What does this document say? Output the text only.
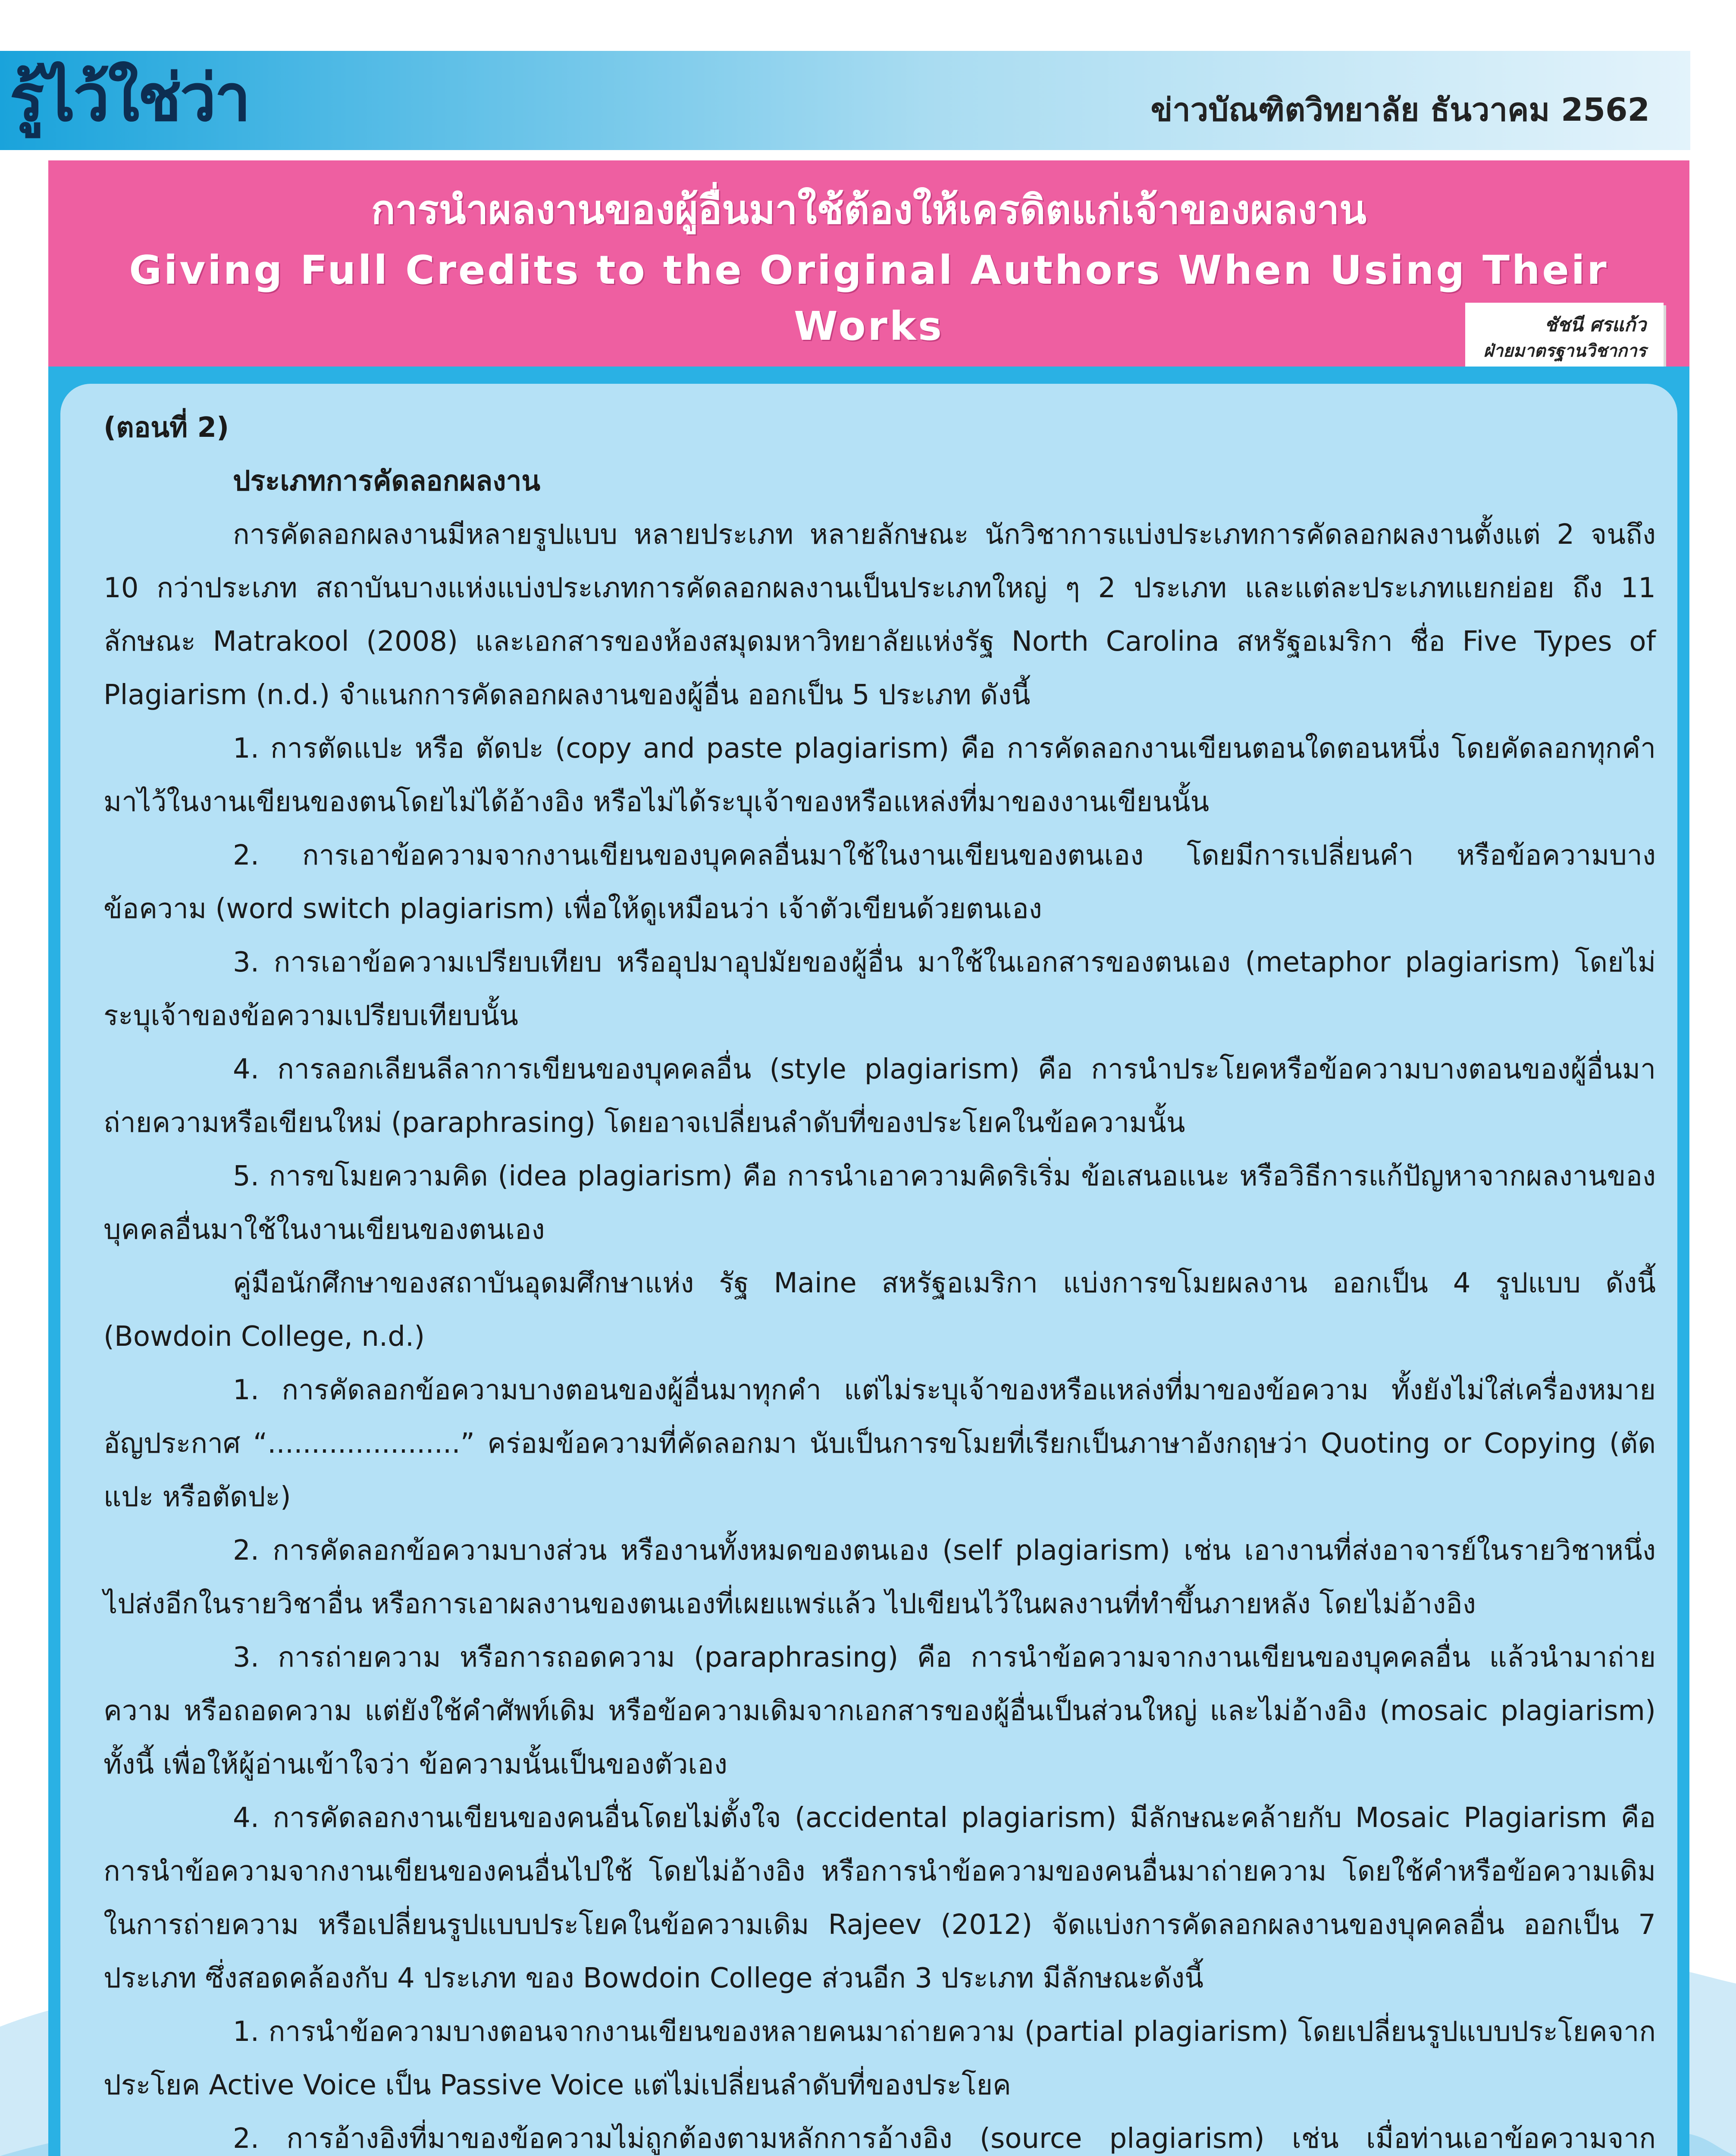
รู้ไว้ใช่ว่า	ข่าวบัณฑิตวิทยาลัย ธันวาคม 2562
การนำผลงานของผู้อื่นมาใช้ต้องให้เครดิตแก่เจ้าของผลงาน
Giving Full Credits to the Original Authors When Using Their Works	ชัชนี ศรแก้ว
ฝ่ายมาตรฐานวิชาการ

(ตอนที่ 2)

ประเภทการคัดลอกผลงาน

การคัดลอกผลงานมีหลายรูปแบบ หลายประเภท หลายลักษณะ นักวิชาการแบ่งประเภทการคัดลอกผลงานตั้งแต่ 2 จนถึง 10 กว่าประเภท สถาบันบางแห่งแบ่งประเภทการคัดลอกผลงานเป็นประเภทใหญ่ ๆ 2 ประเภท และแต่ละประเภทแยกย่อย ถึง 11 ลักษณะ Matrakool (2008) และเอกสารของห้องสมุดมหาวิทยาลัยแห่งรัฐ North Carolina สหรัฐอเมริกา ชื่อ Five Types of Plagiarism (n.d.) จำแนกการคัดลอกผลงานของผู้อื่น ออกเป็น 5 ประเภท ดังนี้

1. การตัดแปะ หรือ ตัดปะ (copy and paste plagiarism) คือ การคัดลอกงานเขียนตอนใดตอนหนึ่ง โดยคัดลอกทุกคำมาไว้ในงานเขียนของตนโดยไม่ได้อ้างอิง หรือไม่ได้ระบุเจ้าของหรือแหล่งที่มาของงานเขียนนั้น

2. การเอาข้อความจากงานเขียนของบุคคลอื่นมาใช้ในงานเขียนของตนเอง โดยมีการเปลี่ยนคำ หรือข้อความบางข้อความ (word switch plagiarism) เพื่อให้ดูเหมือนว่า เจ้าตัวเขียนด้วยตนเอง

3. การเอาข้อความเปรียบเทียบ หรืออุปมาอุปมัยของผู้อื่น มาใช้ในเอกสารของตนเอง (metaphor plagiarism) โดยไม่ระบุเจ้าของข้อความเปรียบเทียบนั้น

4. การลอกเลียนลีลาการเขียนของบุคคลอื่น (style plagiarism) คือ การนำประโยคหรือข้อความบางตอนของผู้อื่นมาถ่ายความหรือเขียนใหม่ (paraphrasing) โดยอาจเปลี่ยนลำดับที่ของประโยคในข้อความนั้น

5. การขโมยความคิด (idea plagiarism) คือ การนำเอาความคิดริเริ่ม ข้อเสนอแนะ หรือวิธีการแก้ปัญหาจากผลงานของบุคคลอื่นมาใช้ในงานเขียนของตนเอง

คู่มือนักศึกษาของสถาบันอุดมศึกษาแห่ง รัฐ Maine สหรัฐอเมริกา แบ่งการขโมยผลงาน ออกเป็น 4 รูปแบบ ดังนี้ (Bowdoin College, n.d.)

1. การคัดลอกข้อความบางตอนของผู้อื่นมาทุกคำ แต่ไม่ระบุเจ้าของหรือแหล่งที่มาของข้อความ ทั้งยังไม่ใส่เครื่องหมายอัญประกาศ “......................” คร่อมข้อความที่คัดลอกมา นับเป็นการขโมยที่เรียกเป็นภาษาอังกฤษว่า Quoting or Copying (ตัดแปะ หรือตัดปะ)

2. การคัดลอกข้อความบางส่วน หรืองานทั้งหมดของตนเอง (self plagiarism) เช่น เอางานที่ส่งอาจารย์ในรายวิชาหนึ่งไปส่งอีกในรายวิชาอื่น หรือการเอาผลงานของตนเองที่เผยแพร่แล้ว ไปเขียนไว้ในผลงานที่ทำขึ้นภายหลัง โดยไม่อ้างอิง

3. การถ่ายความ หรือการถอดความ (paraphrasing) คือ การนำข้อความจากงานเขียนของบุคคลอื่น แล้วนำมาถ่ายความ หรือถอดความ แต่ยังใช้คำศัพท์เดิม หรือข้อความเดิมจากเอกสารของผู้อื่นเป็นส่วนใหญ่ และไม่อ้างอิง (mosaic plagiarism) ทั้งนี้ เพื่อให้ผู้อ่านเข้าใจว่า ข้อความนั้นเป็นของตัวเอง

4. การคัดลอกงานเขียนของคนอื่นโดยไม่ตั้งใจ (accidental plagiarism) มีลักษณะคล้ายกับ Mosaic Plagiarism คือ การนำข้อความจากงานเขียนของคนอื่นไปใช้ โดยไม่อ้างอิง หรือการนำข้อความของคนอื่นมาถ่ายความ โดยใช้คำหรือข้อความเดิมในการถ่ายความ หรือเปลี่ยนรูปแบบประโยคในข้อความเดิม Rajeev (2012) จัดแบ่งการคัดลอกผลงานของบุคคลอื่น ออกเป็น 7 ประเภท ซึ่งสอดคล้องกับ 4 ประเภท ของ Bowdoin College ส่วนอีก 3 ประเภท มีลักษณะดังนี้

1. การนำข้อความบางตอนจากงานเขียนของหลายคนมาถ่ายความ (partial plagiarism) โดยเปลี่ยนรูปแบบประโยคจากประโยค Active Voice เป็น Passive Voice แต่ไม่เปลี่ยนลำดับที่ของประโยค

2. การอ้างอิงที่มาของข้อความไม่ถูกต้องตามหลักการอ้างอิง (source plagiarism) เช่น เมื่อท่านเอาข้อความจาก
